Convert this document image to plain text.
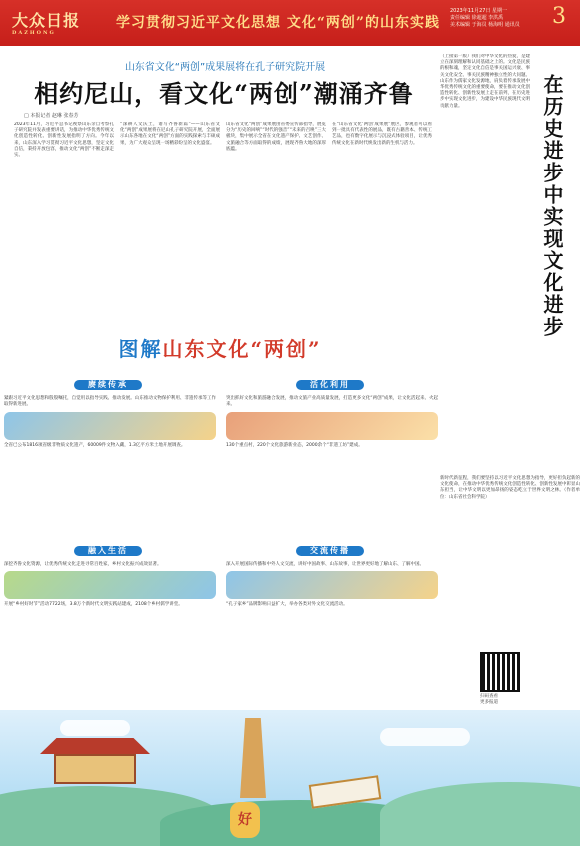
大众日报
DAZHONG
学习贯彻习近平文化思想 文化“两创”的山东实践
2023年11月27日 星期一
责任编辑 徐超超 李洪禹
美术编辑 于海员 杨海明 通讯员	3
山东省文化“两创”成果展将在孔子研究院开展
相约尼山，看文化“两创”潮涌齐鲁
□ 本报记者 赵琳 张春芳
2023年11月，习近平总书记视察山东亲自考察孔子研究院并发表重要讲话，为推动中华优秀传统文化创造性转化、创新性发展指明了方向。今年以来，山东深入学习贯彻习近平文化思想，坚定文化自信，秉持开放包容，推动文化“两创”不断走深走实。
“深耕人文沃土，谱写齐鲁新篇”——山东省文化“两创”成果展将在尼山孔子研究院开展，全面展示山东各地在文化“两创”方面的实践探索与丰硕成果，为广大观众呈现一场精彩纷呈的文化盛宴。
山东省文化“两创”成果展由省委宣传部指导，展览分为“历史的回响”“时代的强音”“未来的召唤”三大板块，集中展示全省在文化遗产保护、文艺创作、文旅融合等方面取得的成绩，展现齐鲁大地的深厚底蕴。
在“山东省文化‘两创’成果展”展区，参观者可以看到一批具有代表性的展品，既有古籍善本、传统工艺品，也有数字化展示与沉浸式体验项目，让优秀传统文化在新时代焕发出新的生机与活力。
（上接第一版）我们对中华文化的热爱，是建立在深刻理解和认同基础之上的。文化是民族的根和魂，坚定文化自信是事关国运兴衰、事关文化安全、事关民族精神独立性的大问题。山东作为儒家文化发源地，肩负着传承发展中华优秀传统文化的重要使命，要在推动文化创造性转化、创新性发展上走在前列，在历史进步中实现文化进步，为建设中华民族现代文明贡献力量。	在历史进步中实现文化进步
新时代新征程，我们要坚持以习近平文化思想为指导，更好担负起新的文化使命，在推动中华优秀传统文化创造性转化、创新性发展中彰显山东担当，让中华文明以更加昂扬的姿态屹立于世界文明之林。（作者单位：山东省社会科学院）
扫码查看
更多报道
图解山东文化“两创”
赓续传承
紧跟习近平文化思想和殷殷嘱托，自觉用以指导实践、推动发展。山东推动文物保护利用、非遗传承等工作取得新进展。
全省已公布1816项省级非物质文化遗产，60009件文物入藏，1.3亿平方米土地开展调查。
活化利用
突出抓好文化和旅游融合发展，推动文旅产业高质量发展，打造更多文化“两创”成果，让文化活起来、火起来。
130个重点村，220个文化旅游新业态，2000余个“非遗工坊”建成。
融入生活
深挖齐鲁文化资源，让优秀传统文化走进寻常百姓家，乡村文化振兴成效显著。
开展“乡村好时节”活动7722场，3.8万个新时代文明实践站建成，2108个乡村儒学讲堂。
交流传播
深入开展国际传播和中外人文交流，讲好中国故事、山东故事，让世界更好地了解山东、了解中国。
“孔子家乡”品牌影响日益扩大，举办各类对外文化交流活动。
好
